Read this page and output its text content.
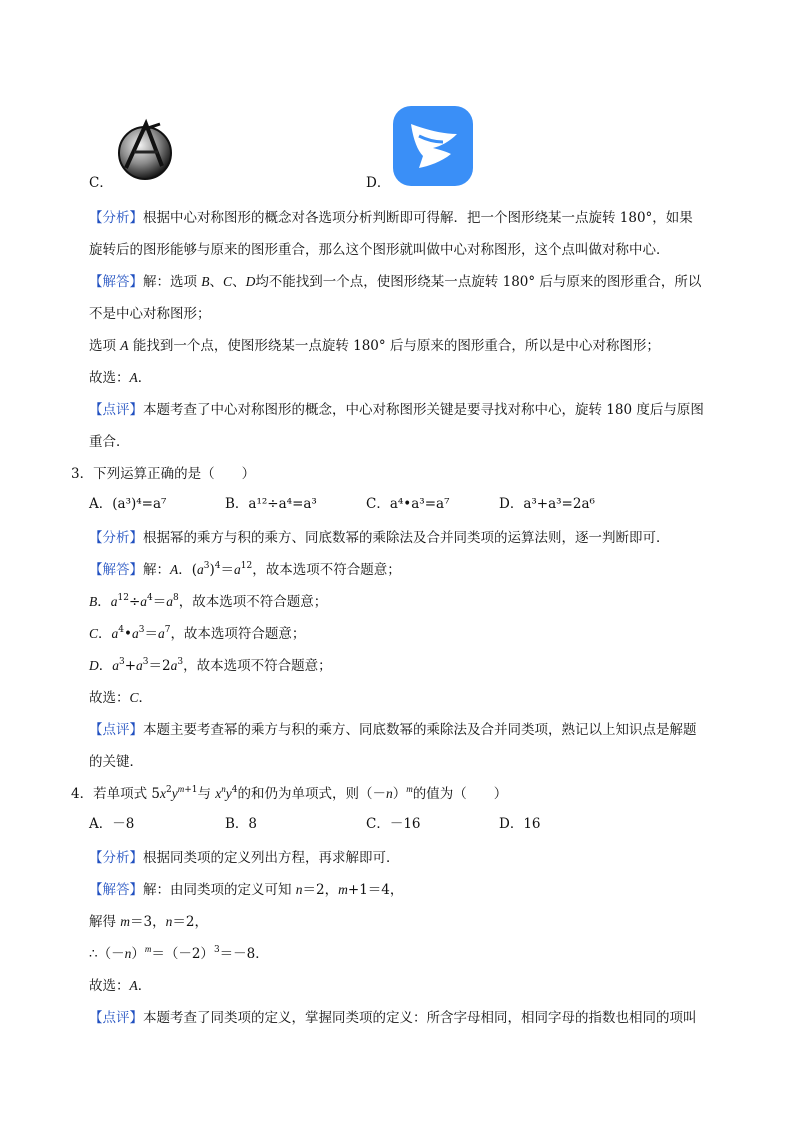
C．	D．
【分析】根据中心对称图形的概念对各选项分析判断即可得解．把一个图形绕某一点旋转 180°，如果
旋转后的图形能够与原来的图形重合，那么这个图形就叫做中心对称图形，这个点叫做对称中心．
【解答】解：选项 B、C、D均不能找到一个点，使图形绕某一点旋转 180° 后与原来的图形重合，所以
不是中心对称图形；
选项 A 能找到一个点，使图形绕某一点旋转 180° 后与原来的图形重合，所以是中心对称图形；
故选：A．
【点评】本题考查了中心对称图形的概念，中心对称图形关键是要寻找对称中心，旋转 180 度后与原图
重合．
3．下列运算正确的是（　　）
A．(a³)⁴=a⁷	B．a¹²÷a⁴=a³	C．a⁴•a³=a⁷	D．a³+a³=2a⁶
【分析】根据幂的乘方与积的乘方、同底数幂的乘除法及合并同类项的运算法则，逐一判断即可．
【解答】解：A．$(a^3)^4=a^{12}$，故本选项不符合题意；
B．$a^{12}\div a^4=a^8$，故本选项不符合题意；
C．$a^4•a^3=a^7$，故本选项符合题意；
D．$a^3+a^3=2a^3$，故本选项不符合题意；
故选：C．
【点评】本题主要考查幂的乘方与积的乘方、同底数幂的乘除法及合并同类项，熟记以上知识点是解题
的关键．
4．若单项式 $5x^2y^{m+1}$与 $x^ny^4$的和仍为单项式，则$(-n)^m$的值为（　　）
A．－8	B．8	C．－16	D．16
【分析】根据同类项的定义列出方程，再求解即可．
【解答】解：由同类项的定义可知 n＝2，m+1＝4，
解得 m＝3，n＝2，
$\therefore(-n)^m=(-2)^3=-8$．
故选：A．
【点评】本题考查了同类项的定义，掌握同类项的定义：所含字母相同，相同字母的指数也相同的项叫
